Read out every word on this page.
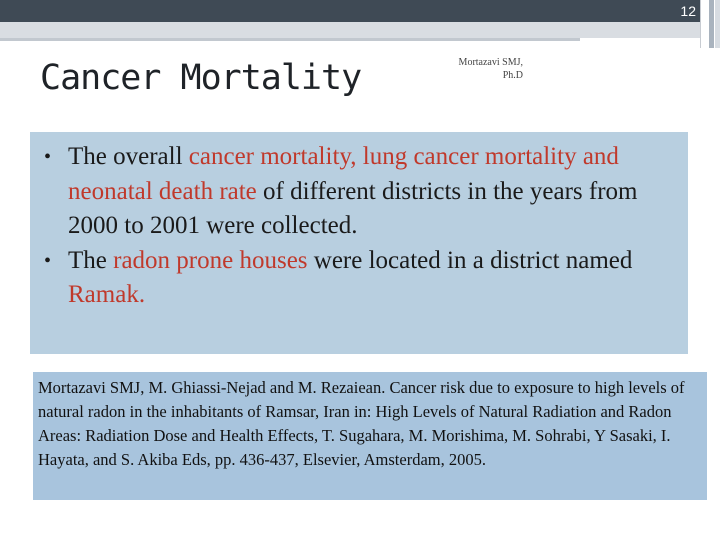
12
Cancer Mortality	Mortazavi SMJ,
Ph.D
• The overall cancer mortality, lung cancer mortality and neonatal death rate of different districts in the years from 2000 to 2001 were collected.
• The radon prone houses were located in a district named Ramak.
Mortazavi SMJ, M. Ghiassi-Nejad and M. Rezaiean. Cancer risk due to exposure to high levels of natural radon in the inhabitants of Ramsar, Iran in: High Levels of Natural Radiation and Radon Areas: Radiation Dose and Health Effects, T. Sugahara, M. Morishima, M. Sohrabi, Y Sasaki, I. Hayata, and S. Akiba Eds, pp. 436-437, Elsevier, Amsterdam, 2005.
